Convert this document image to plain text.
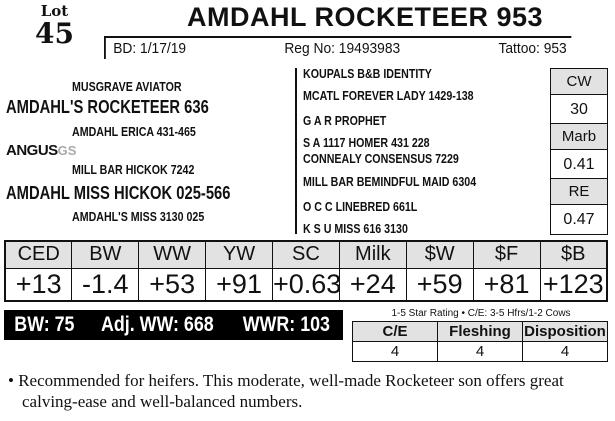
Lot
45	AMDAHL ROCKETEER 953
BD: 1/17/19	Reg No: 19493983	Tattoo: 953
MUSGRAVE AVIATOR
AMDAHL'S ROCKETEER 636
AMDAHL ERICA 431-465
ANGUSGS
MILL BAR HICKOK 7242
AMDAHL MISS HICKOK 025-566
AMDAHL'S MISS 3130 025
KOUPALS B&B IDENTITY
MCATL FOREVER LADY 1429-138
G A R PROPHET
S A 1117 HOMER 431 228
CONNEALY CONSENSUS 7229
MILL BAR BEMINDFUL MAID 6304
O C C LINEBRED 661L
K S U MISS 616 3130
CW
30
Marb
0.41
RE
0.47
CED	BW	WW	YW	SC	Milk	$W	$F	$B
+13	-1.4	+53	+91	+0.63	+24	+59	+81	+123
BW: 75 Adj. WW: 668 WWR: 103	1-5 Star Rating • C/E: 3-5 Hfrs/1-2 Cows
C/E	Fleshing	Disposition
4	4	4
• Recommended for heifers. This moderate, well-made Rocketeer son offers great calving-ease and well-balanced numbers.
